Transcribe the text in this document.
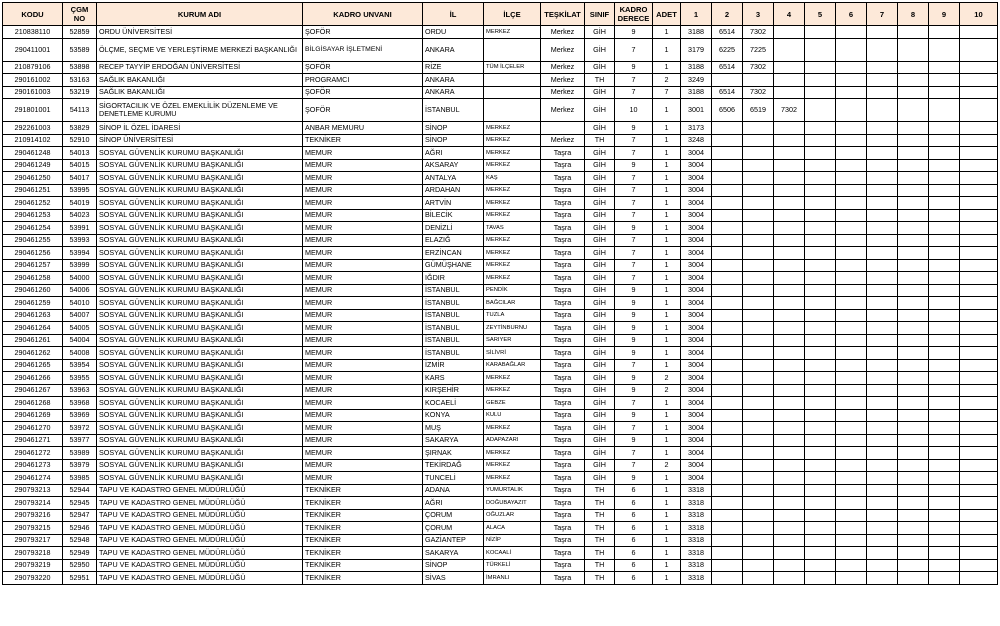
KODU	ÇGM NO	KURUM ADI	KADRO UNVANI	İL	İLÇE	TEŞKİLAT	SINIF	KADRO DERECE	ADET	1	2	3	4	5	6	7	8	9	10
210838110	52859	ORDU ÜNİVERSİTESİ	ŞOFÖR	ORDU	MERKEZ	Merkez	GİH	9	1	3188	6514	7302							
290411001	53589	ÖLÇME, SEÇME VE YERLEŞTİRME MERKEZİ BAŞKANLIĞI	BİLGİSAYAR İŞLETMENİ	ANKARA		Merkez	GİH	7	1	3179	6225	7225							
210879106	53898	RECEP TAYYİP ERDOĞAN ÜNİVERSİTESİ	ŞOFÖR	RİZE	TÜM İLÇELER	Merkez	GİH	9	1	3188	6514	7302							
290161002	53163	SAĞLIK BAKANLIĞI	PROGRAMCI	ANKARA		Merkez	TH	7	2	3249									
290161003	53219	SAĞLIK BAKANLIĞI	ŞOFÖR	ANKARA		Merkez	GİH	7	7	3188	6514	7302							
291801001	54113	SİGORTACILIK VE ÖZEL EMEKLİLİK DÜZENLEME VE DENETLEME KURUMU	ŞOFÖR	İSTANBUL		Merkez	GİH	10	1	3001	6506	6519	7302						
292261003	53829	SİNOP İL ÖZEL İDARESİ	ANBAR MEMURU	SİNOP	MERKEZ		GİH	9	1	3173									
210914102	52910	SİNOP ÜNİVERSİTESİ	TEKNİKER	SİNOP	MERKEZ	Merkez	TH	7	1	3248									
290461248	54013	SOSYAL GÜVENLİK KURUMU BAŞKANLIĞI	MEMUR	AĞRI	MERKEZ	Taşra	GİH	7	1	3004									
290461249	54015	SOSYAL GÜVENLİK KURUMU BAŞKANLIĞI	MEMUR	AKSARAY	MERKEZ	Taşra	GİH	9	1	3004									
290461250	54017	SOSYAL GÜVENLİK KURUMU BAŞKANLIĞI	MEMUR	ANTALYA	KAŞ	Taşra	GİH	7	1	3004									
290461251	53995	SOSYAL GÜVENLİK KURUMU BAŞKANLIĞI	MEMUR	ARDAHAN	MERKEZ	Taşra	GİH	7	1	3004									
290461252	54019	SOSYAL GÜVENLİK KURUMU BAŞKANLIĞI	MEMUR	ARTVİN	MERKEZ	Taşra	GİH	7	1	3004									
290461253	54023	SOSYAL GÜVENLİK KURUMU BAŞKANLIĞI	MEMUR	BİLECİK	MERKEZ	Taşra	GİH	7	1	3004									
290461254	53991	SOSYAL GÜVENLİK KURUMU BAŞKANLIĞI	MEMUR	DENİZLİ	TAVAS	Taşra	GİH	9	1	3004									
290461255	53993	SOSYAL GÜVENLİK KURUMU BAŞKANLIĞI	MEMUR	ELAZIĞ	MERKEZ	Taşra	GİH	7	1	3004									
290461256	53994	SOSYAL GÜVENLİK KURUMU BAŞKANLIĞI	MEMUR	ERZİNCAN	MERKEZ	Taşra	GİH	7	1	3004									
290461257	53999	SOSYAL GÜVENLİK KURUMU BAŞKANLIĞI	MEMUR	GÜMÜŞHANE	MERKEZ	Taşra	GİH	7	1	3004									
290461258	54000	SOSYAL GÜVENLİK KURUMU BAŞKANLIĞI	MEMUR	IĞDIR	MERKEZ	Taşra	GİH	7	1	3004									
290461260	54006	SOSYAL GÜVENLİK KURUMU BAŞKANLIĞI	MEMUR	İSTANBUL	PENDİK	Taşra	GİH	9	1	3004									
290461259	54010	SOSYAL GÜVENLİK KURUMU BAŞKANLIĞI	MEMUR	İSTANBUL	BAĞCILAR	Taşra	GİH	9	1	3004									
290461263	54007	SOSYAL GÜVENLİK KURUMU BAŞKANLIĞI	MEMUR	İSTANBUL	TUZLA	Taşra	GİH	9	1	3004									
290461264	54005	SOSYAL GÜVENLİK KURUMU BAŞKANLIĞI	MEMUR	İSTANBUL	ZEYTİNBURNU	Taşra	GİH	9	1	3004									
290461261	54004	SOSYAL GÜVENLİK KURUMU BAŞKANLIĞI	MEMUR	İSTANBUL	SARIYER	Taşra	GİH	9	1	3004									
290461262	54008	SOSYAL GÜVENLİK KURUMU BAŞKANLIĞI	MEMUR	İSTANBUL	SİLİVRİ	Taşra	GİH	9	1	3004									
290461265	53954	SOSYAL GÜVENLİK KURUMU BAŞKANLIĞI	MEMUR	İZMİR	KARABAĞLAR	Taşra	GİH	7	1	3004									
290461266	53955	SOSYAL GÜVENLİK KURUMU BAŞKANLIĞI	MEMUR	KARS	MERKEZ	Taşra	GİH	9	2	3004									
290461267	53963	SOSYAL GÜVENLİK KURUMU BAŞKANLIĞI	MEMUR	KIRŞEHİR	MERKEZ	Taşra	GİH	9	2	3004									
290461268	53968	SOSYAL GÜVENLİK KURUMU BAŞKANLIĞI	MEMUR	KOCAELİ	GEBZE	Taşra	GİH	7	1	3004									
290461269	53969	SOSYAL GÜVENLİK KURUMU BAŞKANLIĞI	MEMUR	KONYA	KULU	Taşra	GİH	9	1	3004									
290461270	53972	SOSYAL GÜVENLİK KURUMU BAŞKANLIĞI	MEMUR	MUŞ	MERKEZ	Taşra	GİH	7	1	3004									
290461271	53977	SOSYAL GÜVENLİK KURUMU BAŞKANLIĞI	MEMUR	SAKARYA	ADAPAZARI	Taşra	GİH	9	1	3004									
290461272	53989	SOSYAL GÜVENLİK KURUMU BAŞKANLIĞI	MEMUR	ŞIRNAK	MERKEZ	Taşra	GİH	7	1	3004									
290461273	53979	SOSYAL GÜVENLİK KURUMU BAŞKANLIĞI	MEMUR	TEKİRDAĞ	MERKEZ	Taşra	GİH	7	2	3004									
290461274	53985	SOSYAL GÜVENLİK KURUMU BAŞKANLIĞI	MEMUR	TUNCELİ	MERKEZ	Taşra	GİH	9	1	3004									
290793213	52944	TAPU VE KADASTRO GENEL MÜDÜRLÜĞÜ	TEKNİKER	ADANA	YUMURTALIK	Taşra	TH	6	1	3318									
290793214	52945	TAPU VE KADASTRO GENEL MÜDÜRLÜĞÜ	TEKNİKER	AĞRI	DOĞUBAYAZIT	Taşra	TH	6	1	3318									
290793216	52947	TAPU VE KADASTRO GENEL MÜDÜRLÜĞÜ	TEKNİKER	ÇORUM	OĞUZLAR	Taşra	TH	6	1	3318									
290793215	52946	TAPU VE KADASTRO GENEL MÜDÜRLÜĞÜ	TEKNİKER	ÇORUM	ALACA	Taşra	TH	6	1	3318									
290793217	52948	TAPU VE KADASTRO GENEL MÜDÜRLÜĞÜ	TEKNİKER	GAZİANTEP	NİZİP	Taşra	TH	6	1	3318									
290793218	52949	TAPU VE KADASTRO GENEL MÜDÜRLÜĞÜ	TEKNİKER	SAKARYA	KOCAALİ	Taşra	TH	6	1	3318									
290793219	52950	TAPU VE KADASTRO GENEL MÜDÜRLÜĞÜ	TEKNİKER	SİNOP	TÜRKELİ	Taşra	TH	6	1	3318									
290793220	52951	TAPU VE KADASTRO GENEL MÜDÜRLÜĞÜ	TEKNİKER	SİVAS	İMRANLI	Taşra	TH	6	1	3318									
